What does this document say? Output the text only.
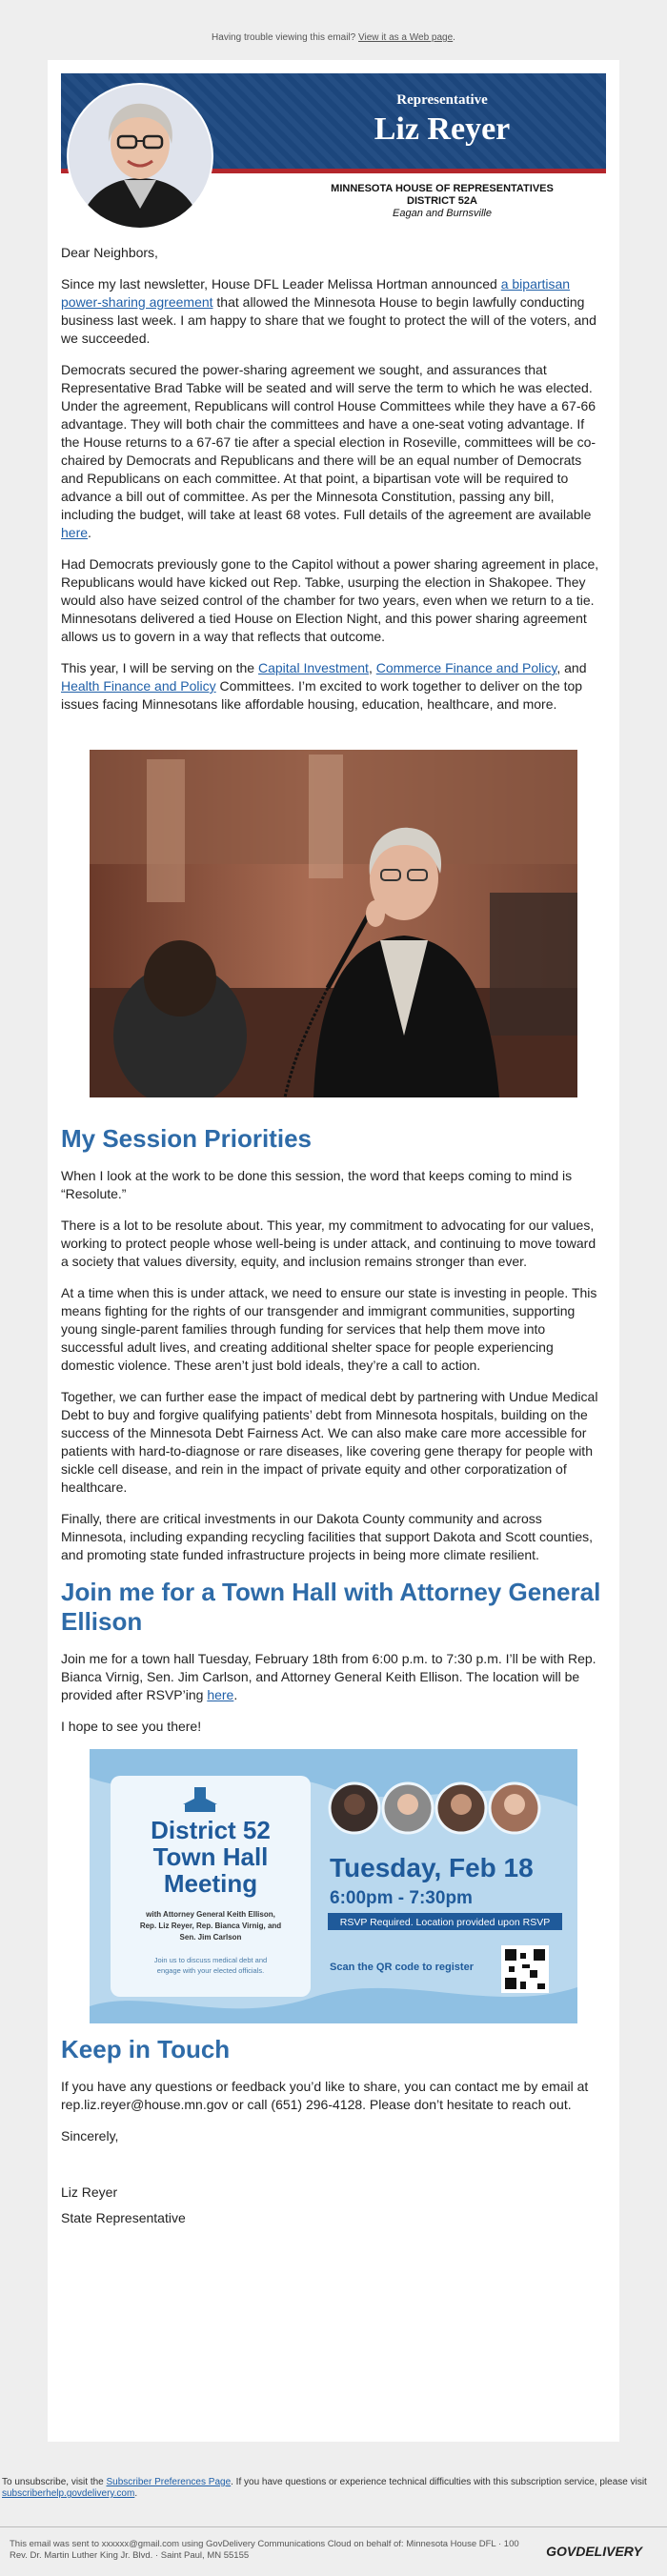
Having trouble viewing this email? View it as a Web page.
Representative
Liz Reyer
MINNESOTA HOUSE OF REPRESENTATIVES
DISTRICT 52A
Eagan and Burnsville

Dear Neighbors,

Since my last newsletter, House DFL Leader Melissa Hortman announced a bipartisan power-sharing agreement that allowed the Minnesota House to begin lawfully conducting business last week. I am happy to share that we fought to protect the will of the voters, and we succeeded.

Democrats secured the power-sharing agreement we sought, and assurances that Representative Brad Tabke will be seated and will serve the term to which he was elected. Under the agreement, Republicans will control House Committees while they have a 67-66 advantage. They will both chair the committees and have a one-seat voting advantage. If the House returns to a 67-67 tie after a special election in Roseville, committees will be co-chaired by Democrats and Republicans and there will be an equal number of Democrats and Republicans on each committee. At that point, a bipartisan vote will be required to advance a bill out of committee. As per the Minnesota Constitution, passing any bill, including the budget, will take at least 68 votes. Full details of the agreement are available here.

Had Democrats previously gone to the Capitol without a power sharing agreement in place, Republicans would have kicked out Rep. Tabke, usurping the election in Shakopee. They would also have seized control of the chamber for two years, even when we return to a tie. Minnesotans delivered a tied House on Election Night, and this power sharing agreement allows us to govern in a way that reflects that outcome.

This year, I will be serving on the Capital Investment, Commerce Finance and Policy, and Health Finance and Policy Committees. I’m excited to work together to deliver on the top issues facing Minnesotans like affordable housing, education, healthcare, and more.

My Session Priorities

When I look at the work to be done this session, the word that keeps coming to mind is “Resolute.”

There is a lot to be resolute about. This year, my commitment to advocating for our values, working to protect people whose well-being is under attack, and continuing to move toward a society that values diversity, equity, and inclusion remains stronger than ever.

At a time when this is under attack, we need to ensure our state is investing in people. This means fighting for the rights of our transgender and immigrant communities, supporting young single-parent families through funding for services that help them move into successful adult lives, and creating additional shelter space for people experiencing domestic violence. These aren’t just bold ideals, they’re a call to action.

Together, we can further ease the impact of medical debt by partnering with Undue Medical Debt to buy and forgive qualifying patients’ debt from Minnesota hospitals, building on the success of the Minnesota Debt Fairness Act. We can also make care more accessible for patients with hard-to-diagnose or rare diseases, like covering gene therapy for people with sickle cell disease, and rein in the impact of private equity and other corporatization of healthcare.

Finally, there are critical investments in our Dakota County community and across Minnesota, including expanding recycling facilities that support Dakota and Scott counties, and promoting state funded infrastructure projects in being more climate resilient.

Join me for a Town Hall with Attorney General Ellison

Join me for a town hall Tuesday, February 18th from 6:00 p.m. to 7:30 p.m. I’ll be with Rep. Bianca Virnig, Sen. Jim Carlson, and Attorney General Keith Ellison. The location will be provided after RSVP’ing here.

I hope to see you there!

District 52
Town Hall
Meeting
with Attorney General Keith Ellison,
Rep. Liz Reyer, Rep. Bianca Virnig, and
Sen. Jim Carlson
Join us to discuss medical debt and
engage with your elected officials.
Tuesday, Feb 18
6:00pm - 7:30pm
RSVP Required. Location provided upon RSVP
Scan the QR code to register
Keep in Touch

If you have any questions or feedback you’d like to share, you can contact me by email at rep.liz.reyer@house.mn.gov or call (651) 296-4128. Please don’t hesitate to reach out.

Sincerely,

Liz Reyer

State Representative

To unsubscribe, visit the Subscriber Preferences Page. If you have questions or experience technical difficulties with this subscription service, please visit subscriberhelp.govdelivery.com.
This email was sent to xxxxxx@gmail.com using GovDelivery Communications Cloud on behalf of: Minnesota House DFL · 100
Rev. Dr. Martin Luther King Jr. Blvd. · Saint Paul, MN 55155	GOVDELIVERY
